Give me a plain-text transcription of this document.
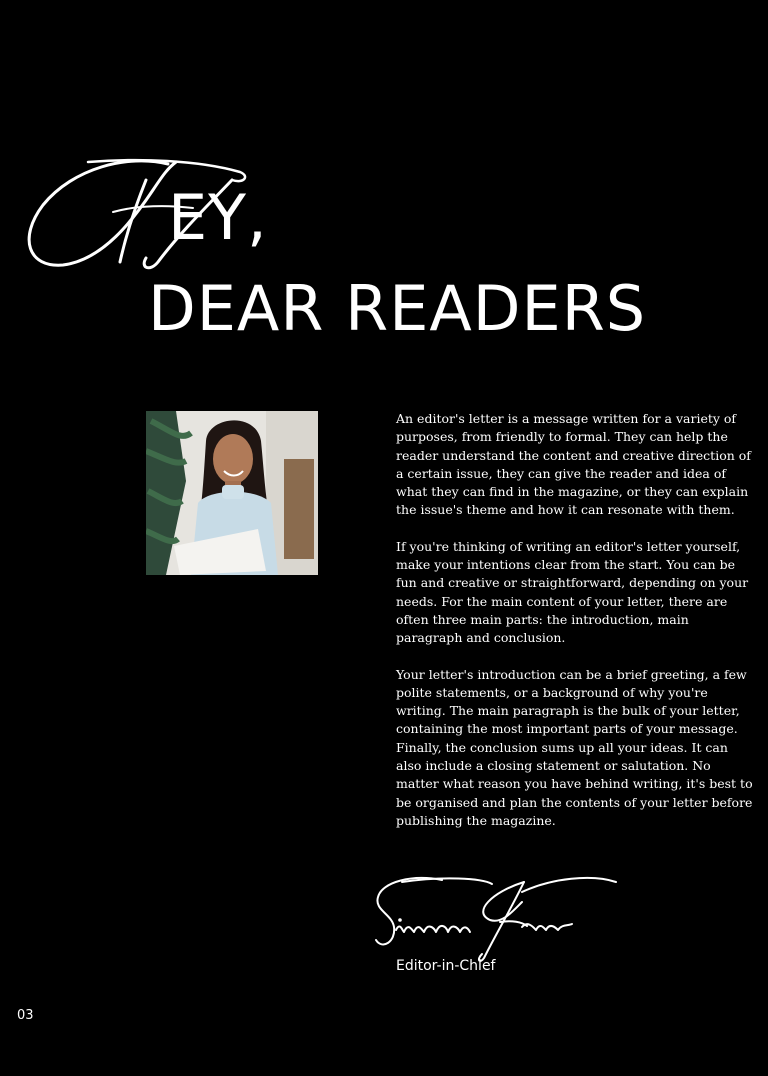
EY,
DEAR READERS

An editor's letter is a message written for a variety of purposes, from friendly to formal. They can help the reader understand the content and creative direction of a certain issue, they can give the reader and idea of what they can find in the magazine, or they can explain the issue's theme and how it can resonate with them.

If you're thinking of writing an editor's letter yourself, make your intentions clear from the start. You can be fun and creative or straightforward, depending on your needs. For the main content of your letter, there are often three main parts: the introduction, main paragraph and conclusion.

Your letter's introduction can be a brief greeting, a few polite statements, or a background of why you're writing. The main paragraph is the bulk of your letter, containing the most important parts of your message. Finally, the conclusion sums up all your ideas. It can also include a closing statement or salutation. No matter what reason you have behind writing, it's best to be organised and plan the contents of your letter before publishing the magazine.

Editor-in-Chief
03
